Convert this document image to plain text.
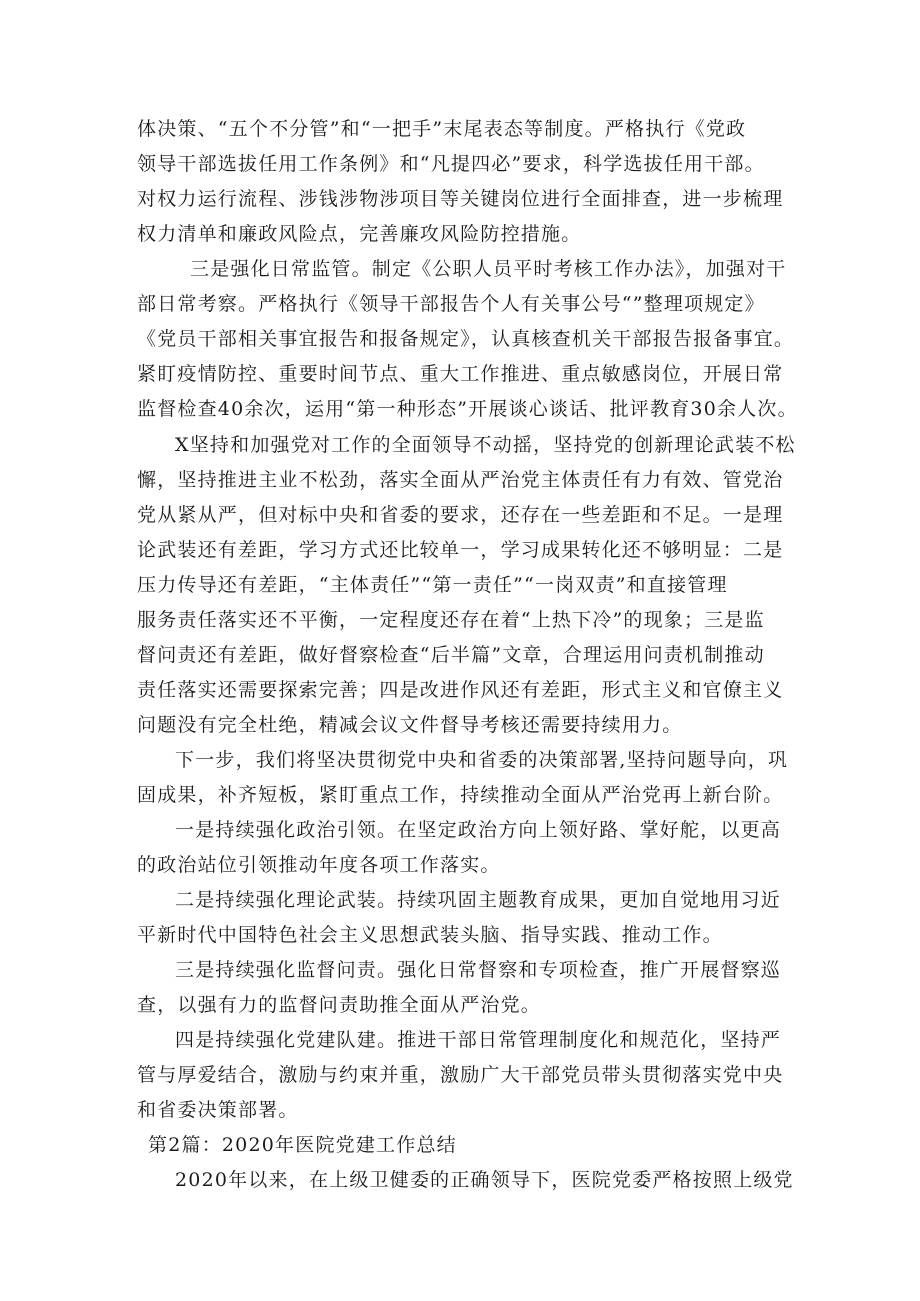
体决策、“五个不分管”和“一把手”末尾表态等制度。严格执行《党政
领导干部选拔任用工作条例》和“凡提四必”要求，科学选拔任用干部。
对权力运行流程、涉钱涉物涉项目等关键岗位进行全面排查，进一步梳理
权力清单和廉政风险点，完善廉攻风险防控措施。
三是强化日常监管。制定《公职人员平时考核工作办法》，加强对干
部日常考察。严格执行《领导干部报告个人有关事公号“”整理项规定》
《党员干部相关事宜报告和报备规定》，认真核查机关干部报告报备事宜。
紧盯疫情防控、重要时间节点、重大工作推进、重点敏感岗位，开展日常
监督检查40余次，运用“第一种形态”开展谈心谈话、批评教育30余人次。
X坚持和加强党对工作的全面领导不动摇，坚持党的创新理论武装不松
懈，坚持推进主业不松劲，落实全面从严治党主体责任有力有效、管党治
党从紧从严，但对标中央和省委的要求，还存在一些差距和不足。一是理
论武装还有差距，学习方式还比较单一，学习成果转化还不够明显：二是
压力传导还有差距，“主体责任”“第一责任”“一岗双责”和直接管理
服务责任落实还不平衡，一定程度还存在着“上热下冷”的现象；三是监
督问责还有差距，做好督察检查“后半篇”文章，合理运用问责机制推动
责任落实还需要探索完善；四是改进作风还有差距，形式主义和官僚主义
问题没有完全杜绝，精减会议文件督导考核还需要持续用力。
下一步，我们将坚决贯彻党中央和省委的决策部署,坚持问题导向，巩
固成果，补齐短板，紧盯重点工作，持续推动全面从严治党再上新台阶。
一是持续强化政治引领。在坚定政治方向上领好路、掌好舵，以更高
的政治站位引领推动年度各项工作落实。
二是持续强化理论武装。持续巩固主题教育成果，更加自觉地用习近
平新时代中国特色社会主义思想武装头脑、指导实践、推动工作。
三是持续强化监督问责。强化日常督察和专项检查，推广开展督察巡
查，以强有力的监督问责助推全面从严治党。
四是持续强化党建队建。推进干部日常管理制度化和规范化，坚持严
管与厚爱结合，激励与约束并重，激励广大干部党员带头贯彻落实党中央
和省委决策部署。
第2篇：2020年医院党建工作总结
2020年以来，在上级卫健委的正确领导下，医院党委严格按照上级党
